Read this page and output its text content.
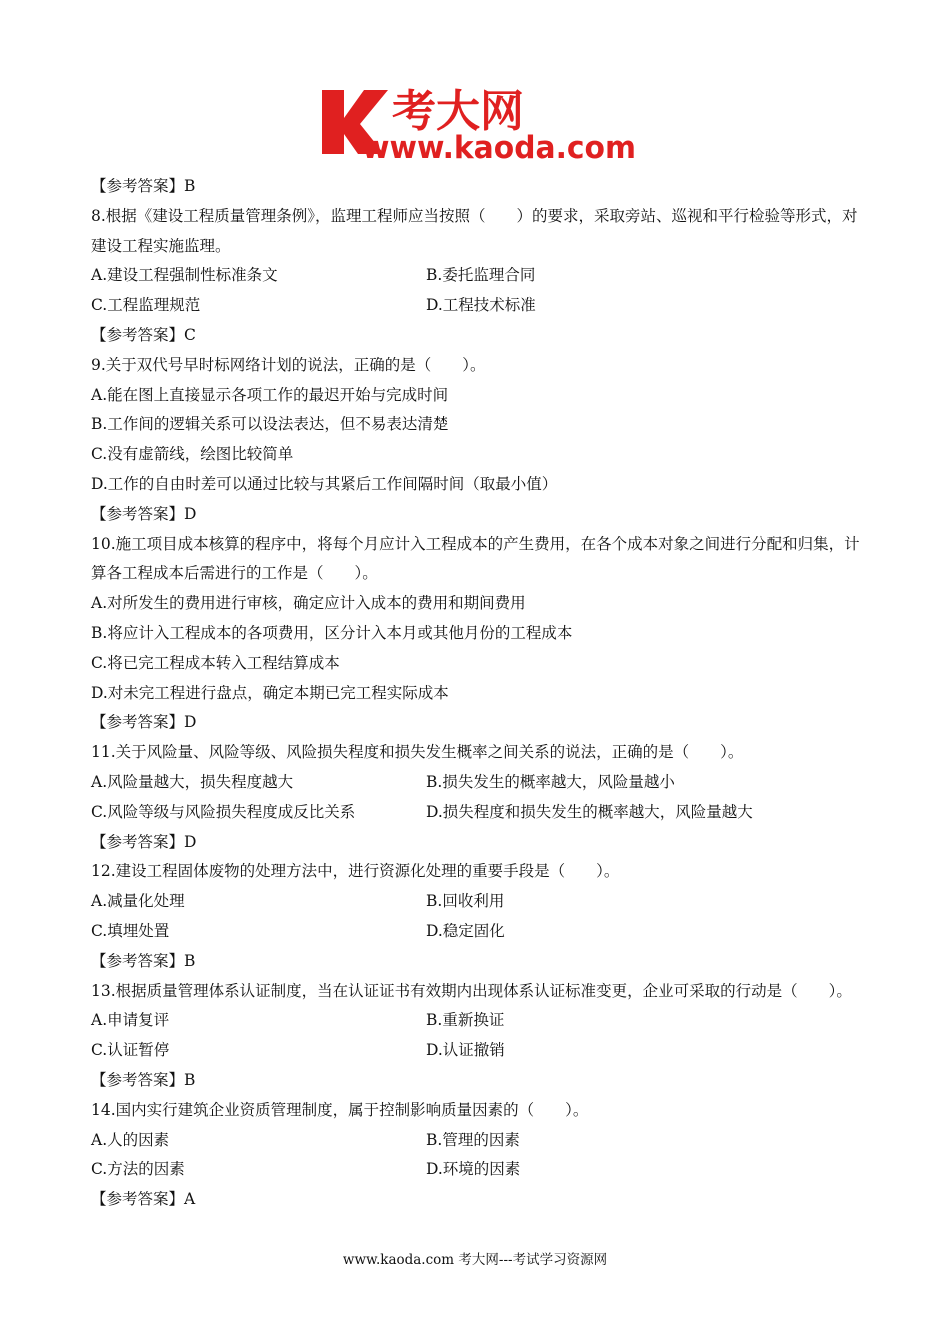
考大网
www.kaoda.com
【参考答案】B
8.根据《建设工程质量管理条例》，监理工程师应当按照（　　）的要求，采取旁站、巡视和平行检验等形式，对建设工程实施监理。
A.建设工程强制性标准条文	B.委托监理合同
C.工程监理规范	D.工程技术标准
【参考答案】C
9.关于双代号早时标网络计划的说法，正确的是（　　）。
A.能在图上直接显示各项工作的最迟开始与完成时间
B.工作间的逻辑关系可以设法表达，但不易表达清楚
C.没有虚箭线，绘图比较简单
D.工作的自由时差可以通过比较与其紧后工作间隔时间（取最小值）
【参考答案】D
10.施工项目成本核算的程序中，将每个月应计入工程成本的产生费用，在各个成本对象之间进行分配和归集，计算各工程成本后需进行的工作是（　　）。
A.对所发生的费用进行审核，确定应计入成本的费用和期间费用
B.将应计入工程成本的各项费用，区分计入本月或其他月份的工程成本
C.将已完工程成本转入工程结算成本
D.对未完工程进行盘点，确定本期已完工程实际成本
【参考答案】D
11.关于风险量、风险等级、风险损失程度和损失发生概率之间关系的说法，正确的是（　　）。
A.风险量越大，损失程度越大	B.损失发生的概率越大，风险量越小
C.风险等级与风险损失程度成反比关系	D.损失程度和损失发生的概率越大，风险量越大
【参考答案】D
12.建设工程固体废物的处理方法中，进行资源化处理的重要手段是（　　）。
A.减量化处理	B.回收利用
C.填埋处置	D.稳定固化
【参考答案】B
13.根据质量管理体系认证制度，当在认证证书有效期内出现体系认证标准变更，企业可采取的行动是（　　）。
A.申请复评	B.重新换证
C.认证暂停	D.认证撤销
【参考答案】B
14.国内实行建筑企业资质管理制度，属于控制影响质量因素的（　　）。
A.人的因素	B.管理的因素
C.方法的因素	D.环境的因素
【参考答案】A
www.kaoda.com 考大网---考试学习资源网
